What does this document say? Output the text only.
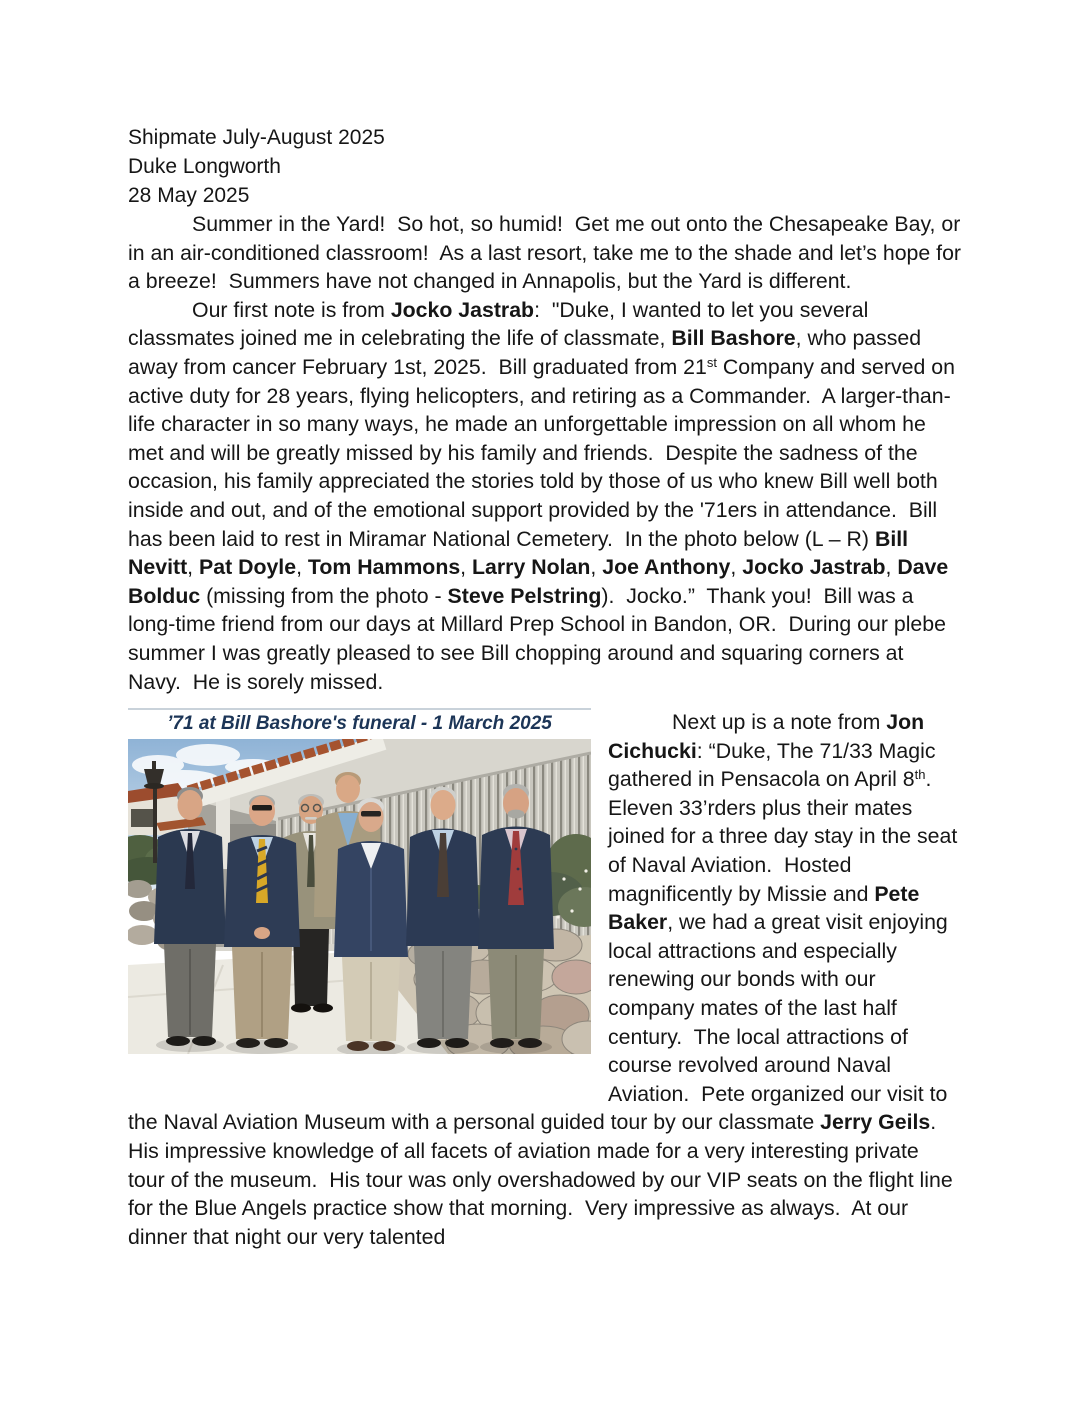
Shipmate July-August 2025
Duke Longworth
28 May 2025

Summer in the Yard!  So hot, so humid!  Get me out onto the Chesapeake Bay, or in an air-conditioned classroom!  As a last resort, take me to the shade and let’s hope for a breeze!  Summers have not changed in Annapolis, but the Yard is different.

Our first note is from Jocko Jastrab:  "Duke, I wanted to let you several classmates joined me in celebrating the life of classmate, Bill Bashore, who passed away from cancer February 1st, 2025.  Bill graduated from 21st Company and served on active duty for 28 years, flying helicopters, and retiring as a Commander.  A larger-than-life character in so many ways, he made an unforgettable impression on all whom he met and will be greatly missed by his family and friends.  Despite the sadness of the occasion, his family appreciated the stories told by those of us who knew Bill well both inside and out, and of the emotional support provided by the '71ers in attendance.  Bill has been laid to rest in Miramar National Cemetery.  In the photo below (L – R) Bill Nevitt, Pat Doyle, Tom Hammons, Larry Nolan, Joe Anthony, Jocko Jastrab, Dave Bolduc (missing from the photo - Steve Pelstring).  Jocko.”  Thank you!  Bill was a long-time friend from our days at Millard Prep School in Bandon, OR.  During our plebe summer I was greatly pleased to see Bill chopping around and squaring corners at Navy.  He is sorely missed.

’71 at Bill Bashore's funeral - 1 March 2025	Next up is a note from Jon Cichucki: “Duke, The 71/33 Magic gathered in Pensacola on April 8th.  Eleven 33’rders plus their mates joined for a three day stay in the seat of Naval Aviation.  Hosted magnificently by Missie and Pete Baker, we had a great visit enjoying local attractions and especially renewing our bonds with our company mates of the last half century.  The local attractions of course revolved around Naval Aviation.  Pete organized our visit to the Naval Aviation Museum with a personal guided tour by our classmate Jerry Geils.  His impressive knowledge of all facets of aviation made for a very interesting private tour of the museum.  His tour was only overshadowed by our VIP seats on the flight line for the Blue Angels practice show that morning.  Very impressive as always.  At our dinner that night our very talented
